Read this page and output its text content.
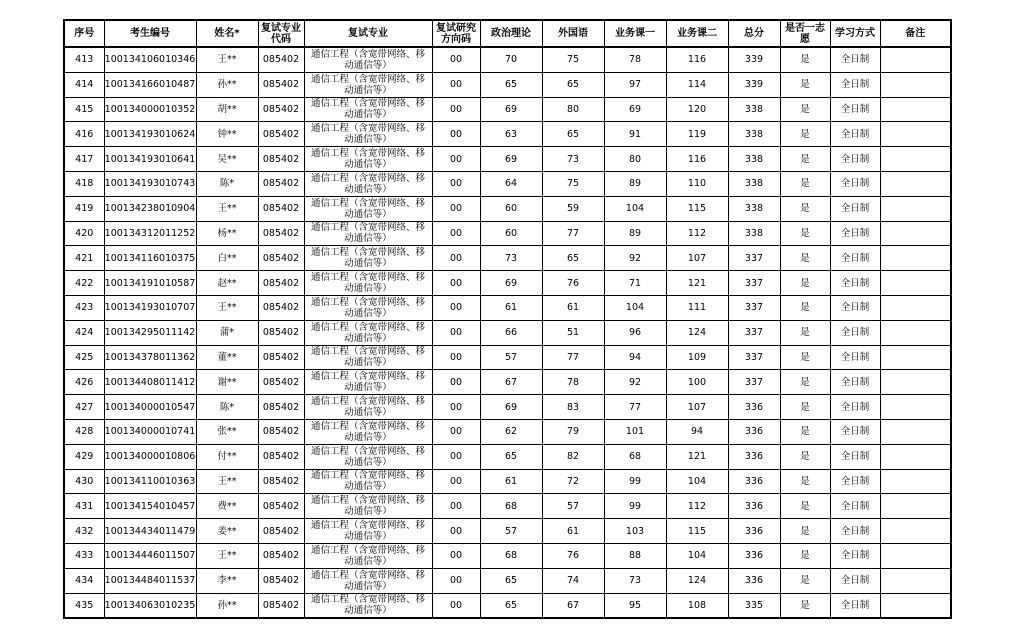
序号	考生编号	姓名*	复试专业代码	复试专业	复试研究方向码	政治理论	外国语	业务课一	业务课二	总分	是否一志愿	学习方式	备注
413	100134106010346	王**	085402	通信工程（含宽带网络、移动通信等）	00	70	75	78	116	339	是	全日制	
414	100134166010487	孙**	085402	通信工程（含宽带网络、移动通信等）	00	65	65	97	114	339	是	全日制	
415	100134000010352	胡**	085402	通信工程（含宽带网络、移动通信等）	00	69	80	69	120	338	是	全日制	
416	100134193010624	钟**	085402	通信工程（含宽带网络、移动通信等）	00	63	65	91	119	338	是	全日制	
417	100134193010641	吴**	085402	通信工程（含宽带网络、移动通信等）	00	69	73	80	116	338	是	全日制	
418	100134193010743	陈*	085402	通信工程（含宽带网络、移动通信等）	00	64	75	89	110	338	是	全日制	
419	100134238010904	王**	085402	通信工程（含宽带网络、移动通信等）	00	60	59	104	115	338	是	全日制	
420	100134312011252	杨**	085402	通信工程（含宽带网络、移动通信等）	00	60	77	89	112	338	是	全日制	
421	100134116010375	白**	085402	通信工程（含宽带网络、移动通信等）	00	73	65	92	107	337	是	全日制	
422	100134191010587	赵**	085402	通信工程（含宽带网络、移动通信等）	00	69	76	71	121	337	是	全日制	
423	100134193010707	王**	085402	通信工程（含宽带网络、移动通信等）	00	61	61	104	111	337	是	全日制	
424	100134295011142	蒲*	085402	通信工程（含宽带网络、移动通信等）	00	66	51	96	124	337	是	全日制	
425	100134378011362	董**	085402	通信工程（含宽带网络、移动通信等）	00	57	77	94	109	337	是	全日制	
426	100134408011412	谢**	085402	通信工程（含宽带网络、移动通信等）	00	67	78	92	100	337	是	全日制	
427	100134000010547	陈*	085402	通信工程（含宽带网络、移动通信等）	00	69	83	77	107	336	是	全日制	
428	100134000010741	张**	085402	通信工程（含宽带网络、移动通信等）	00	62	79	101	94	336	是	全日制	
429	100134000010806	付**	085402	通信工程（含宽带网络、移动通信等）	00	65	82	68	121	336	是	全日制	
430	100134110010363	王**	085402	通信工程（含宽带网络、移动通信等）	00	61	72	99	104	336	是	全日制	
431	100134154010457	费**	085402	通信工程（含宽带网络、移动通信等）	00	68	57	99	112	336	是	全日制	
432	100134434011479	姜**	085402	通信工程（含宽带网络、移动通信等）	00	57	61	103	115	336	是	全日制	
433	100134446011507	王**	085402	通信工程（含宽带网络、移动通信等）	00	68	76	88	104	336	是	全日制	
434	100134484011537	李**	085402	通信工程（含宽带网络、移动通信等）	00	65	74	73	124	336	是	全日制	
435	100134063010235	孙**	085402	通信工程（含宽带网络、移动通信等）	00	65	67	95	108	335	是	全日制	
